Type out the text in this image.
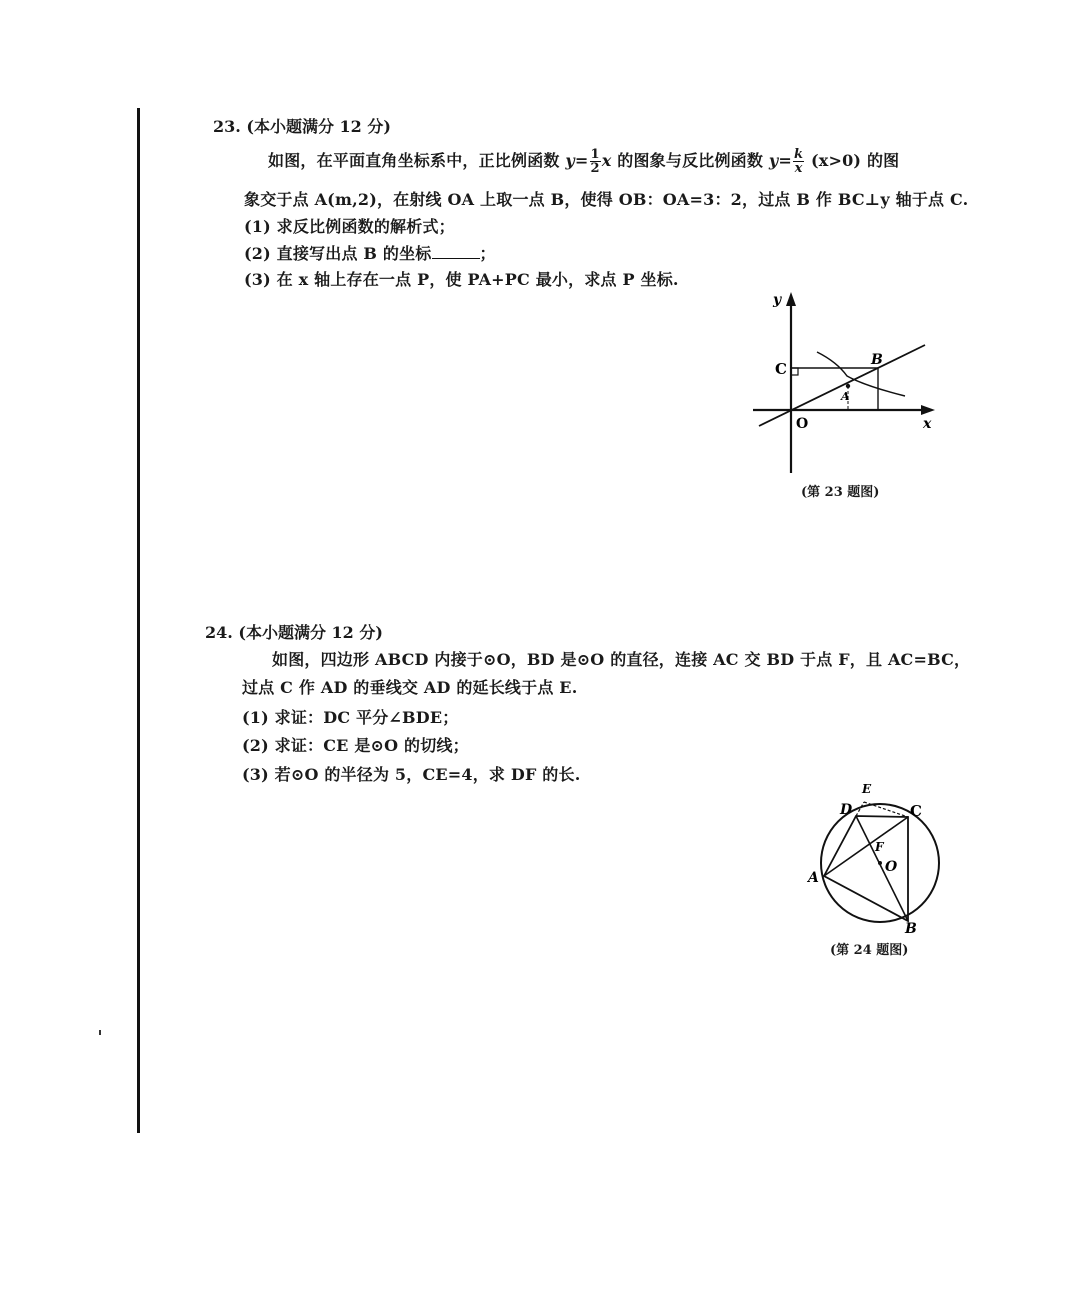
23. (本小题满分 12 分)
如图，在平面直角坐标系中，正比例函数 $y= \frac{1}{2}$ x 的图象与反比例函数 $y= \frac{k}{x} (x>0)$ 的图
象交于点 A(m,2)，在射线 OA 上取一点 B，使得 OB：OA=3：2，过点 B 作 BC⊥y 轴于点 C.
(1) 求反比例函数的解析式；
(2) 直接写出点 B 的坐标	；
(3) 在 x 轴上存在一点 P，使 PA+PC 最小，求点 P 坐标.
y
x
O
A
C	B
(第 23 题图)
24. (本小题满分 12 分)
如图，四边形 ABCD 内接于⊙O，BD 是⊙O 的直径，连接 AC 交 BD 于点 F，且 AC=BC，
过点 C 作 AD 的垂线交 AD 的延长线于点 E.
(1) 求证：DC 平分∠BDE；
(2) 求证：CE 是⊙O 的切线；
(3) 若⊙O 的半径为 5，CE=4，求 DF 的长.
E
D	C
F
O
A
B
(第 24 题图)
